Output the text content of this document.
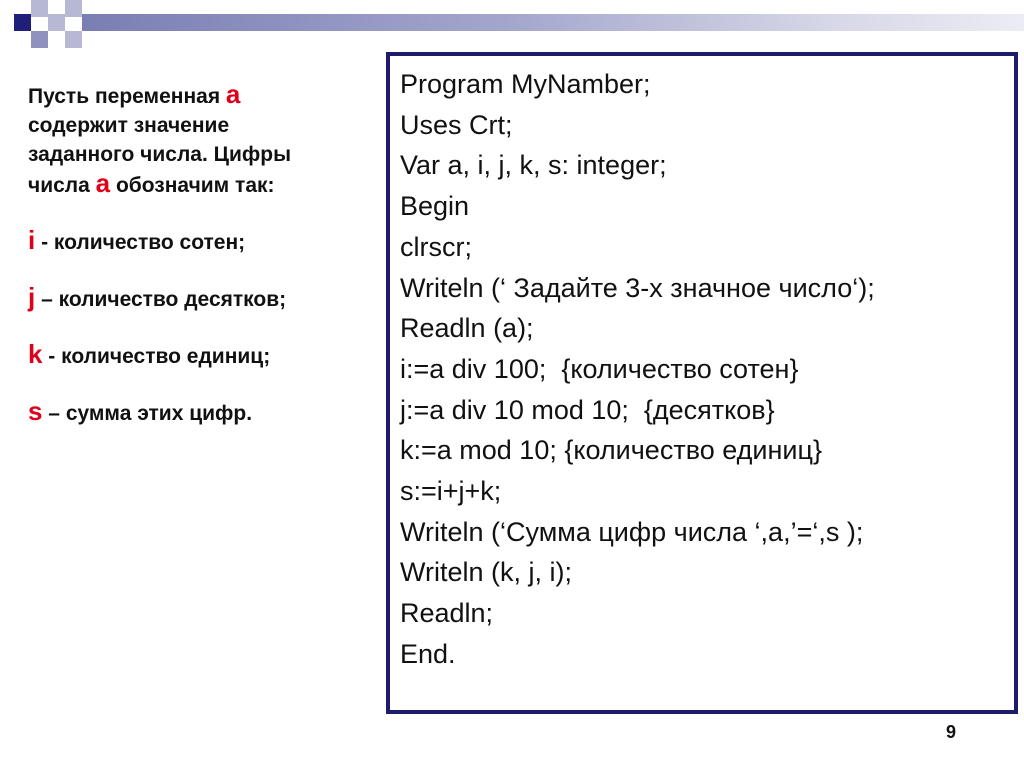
Пусть переменная а
содержит значение
заданного числа. Цифры
числа а обозначим так:
i - количество сотен;
j – количество десятков;
k - количество единиц;
s – сумма этих цифр.
Program MyNamber;
Uses Crt;
Var a, i, j, k, s: integer;
Begin
clrscr;
Writeln (‘ Задайте 3-х значное число‘);
Readln (a);
i:=a div 100;  {количество сотен}
j:=a div 10 mod 10;  {десятков}
k:=a mod 10; {количество единиц}
s:=i+j+k;
Writeln (‘Сумма цифр числа ‘,a,’=‘,s );
Writeln (k, j, i);
Readln;
End.
9
